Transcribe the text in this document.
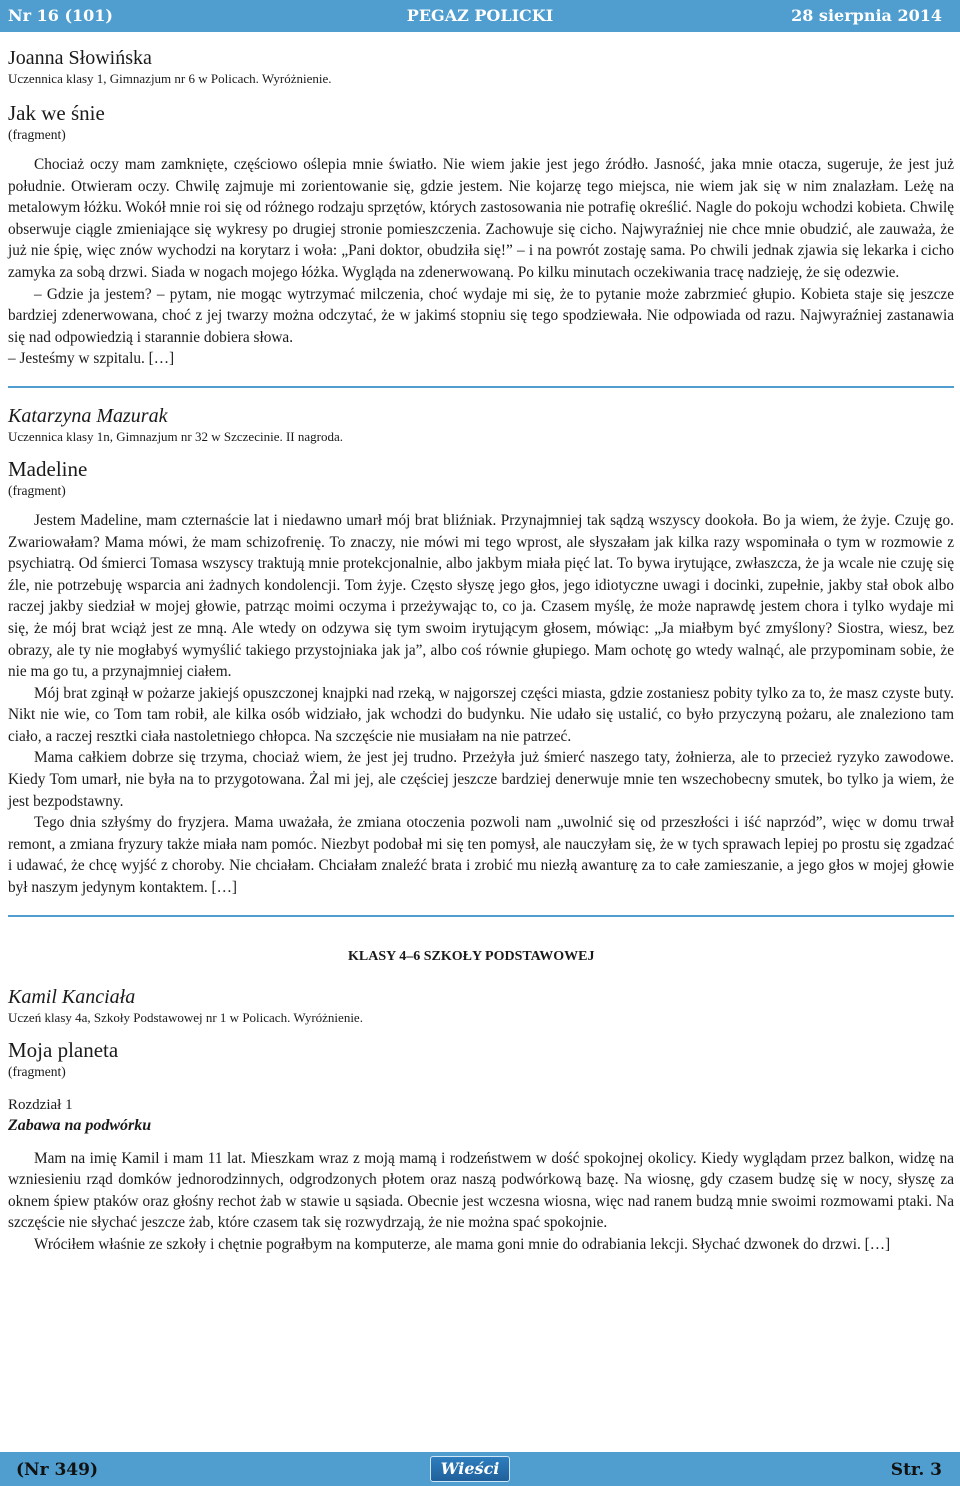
Nr 16 (101)	PEGAZ POLICKI	28 sierpnia 2014
Joanna Słowińska
Uczennica klasy 1, Gimnazjum nr 6 w Policach. Wyróżnienie.
Jak we śnie
(fragment)

Chociaż oczy mam zamknięte, częściowo oślepia mnie światło. Nie wiem jakie jest jego źródło. Jasność, jaka mnie otacza, sugeruje, że jest już południe. Otwieram oczy. Chwilę zajmuje mi zorientowanie się, gdzie jestem. Nie kojarzę tego miejsca, nie wiem jak się w nim znalazłam. Leżę na metalowym łóżku. Wokół mnie roi się od różnego rodzaju sprzętów, których zastosowania nie potrafię określić. Nagle do pokoju wchodzi kobieta. Chwilę obserwuje ciągle zmieniające się wykresy po drugiej stronie pomieszczenia. Zachowuje się cicho. Najwyraźniej nie chce mnie obudzić, ale zauważa, że już nie śpię, więc znów wychodzi na korytarz i woła: „Pani doktor, obudziła się!” – i na powrót zostaję sama. Po chwili jednak zjawia się lekarka i cicho zamyka za sobą drzwi. Siada w nogach mojego łóżka. Wygląda na zdenerwowaną. Po kilku minutach oczekiwania tracę nadzieję, że się odezwie.

– Gdzie ja jestem? – pytam, nie mogąc wytrzymać milczenia, choć wydaje mi się, że to pytanie może zabrzmieć głupio. Kobieta staje się jeszcze bardziej zdenerwowana, choć z jej twarzy można odczytać, że w jakimś stopniu się tego spodziewała. Nie odpowiada od razu. Najwyraźniej zastanawia się nad odpowiedzią i starannie dobiera słowa.

– Jesteśmy w szpitalu. […]

Katarzyna Mazurak
Uczennica klasy 1n, Gimnazjum nr 32 w Szczecinie. II nagroda.
Madeline
(fragment)

Jestem Madeline, mam czternaście lat i niedawno umarł mój brat bliźniak. Przynajmniej tak sądzą wszyscy dookoła. Bo ja wiem, że żyje. Czuję go. Zwariowałam? Mama mówi, że mam schizofrenię. To znaczy, nie mówi mi tego wprost, ale słyszałam jak kilka razy wspominała o tym w rozmowie z psychiatrą. Od śmierci Tomasa wszyscy traktują mnie protekcjonalnie, albo jakbym miała pięć lat. To bywa irytujące, zwłaszcza, że ja wcale nie czuję się źle, nie potrzebuję wsparcia ani żadnych kondolencji. Tom żyje. Często słyszę jego głos, jego idiotyczne uwagi i docinki, zupełnie, jakby stał obok albo raczej jakby siedział w mojej głowie, patrząc moimi oczyma i przeżywając to, co ja. Czasem myślę, że może naprawdę jestem chora i tylko wydaje mi się, że mój brat wciąż jest ze mną. Ale wtedy on odzywa się tym swoim irytującym głosem, mówiąc: „Ja miałbym być zmyślony? Siostra, wiesz, bez obrazy, ale ty nie mogłabyś wymyślić takiego przystojniaka jak ja”, albo coś równie głupiego. Mam ochotę go wtedy walnąć, ale przypominam sobie, że nie ma go tu, a przynajmniej ciałem.

Mój brat zginął w pożarze jakiejś opuszczonej knajpki nad rzeką, w najgorszej części miasta, gdzie zostaniesz pobity tylko za to, że masz czyste buty. Nikt nie wie, co Tom tam robił, ale kilka osób widziało, jak wchodzi do budynku. Nie udało się ustalić, co było przyczyną pożaru, ale znaleziono tam ciało, a raczej resztki ciała nastoletniego chłopca. Na szczęście nie musiałam na nie patrzeć.

Mama całkiem dobrze się trzyma, chociaż wiem, że jest jej trudno. Przeżyła już śmierć naszego taty, żołnierza, ale to przecież ryzyko zawodowe. Kiedy Tom umarł, nie była na to przygotowana. Żal mi jej, ale częściej jeszcze bardziej denerwuje mnie ten wszechobecny smutek, bo tylko ja wiem, że jest bezpodstawny.

Tego dnia szłyśmy do fryzjera. Mama uważała, że zmiana otoczenia pozwoli nam „uwolnić się od przeszłości i iść naprzód”, więc w domu trwał remont, a zmiana fryzury także miała nam pomóc. Niezbyt podobał mi się ten pomysł, ale nauczyłam się, że w tych sprawach lepiej po prostu się zgadzać i udawać, że chcę wyjść z choroby. Nie chciałam. Chciałam znaleźć brata i zrobić mu niezłą awanturę za to całe zamieszanie, a jego głos w mojej głowie był naszym jedynym kontaktem. […]

KLASY 4–6 SZKOŁY PODSTAWOWEJ
Kamil Kanciała
Uczeń klasy 4a, Szkoły Podstawowej nr 1 w Policach. Wyróżnienie.
Moja planeta
(fragment)
Rozdział 1
Zabawa na podwórku

Mam na imię Kamil i mam 11 lat. Mieszkam wraz z moją mamą i rodzeństwem w dość spokojnej okolicy. Kiedy wyglądam przez balkon, widzę na wzniesieniu rząd domków jednorodzinnych, odgrodzonych płotem oraz naszą podwórkową bazę. Na wiosnę, gdy czasem budzę się w nocy, słyszę za oknem śpiew ptaków oraz głośny rechot żab w stawie u sąsiada. Obecnie jest wczesna wiosna, więc nad ranem budzą mnie swoimi rozmowami ptaki. Na szczęście nie słychać jeszcze żab, które czasem tak się rozwydrzają, że nie można spać spokojnie.

Wróciłem właśnie ze szkoły i chętnie pograłbym na komputerze, ale mama goni mnie do odrabiania lekcji. Słychać dzwonek do drzwi. […]

(Nr 349)	Wieści	Str. 3
